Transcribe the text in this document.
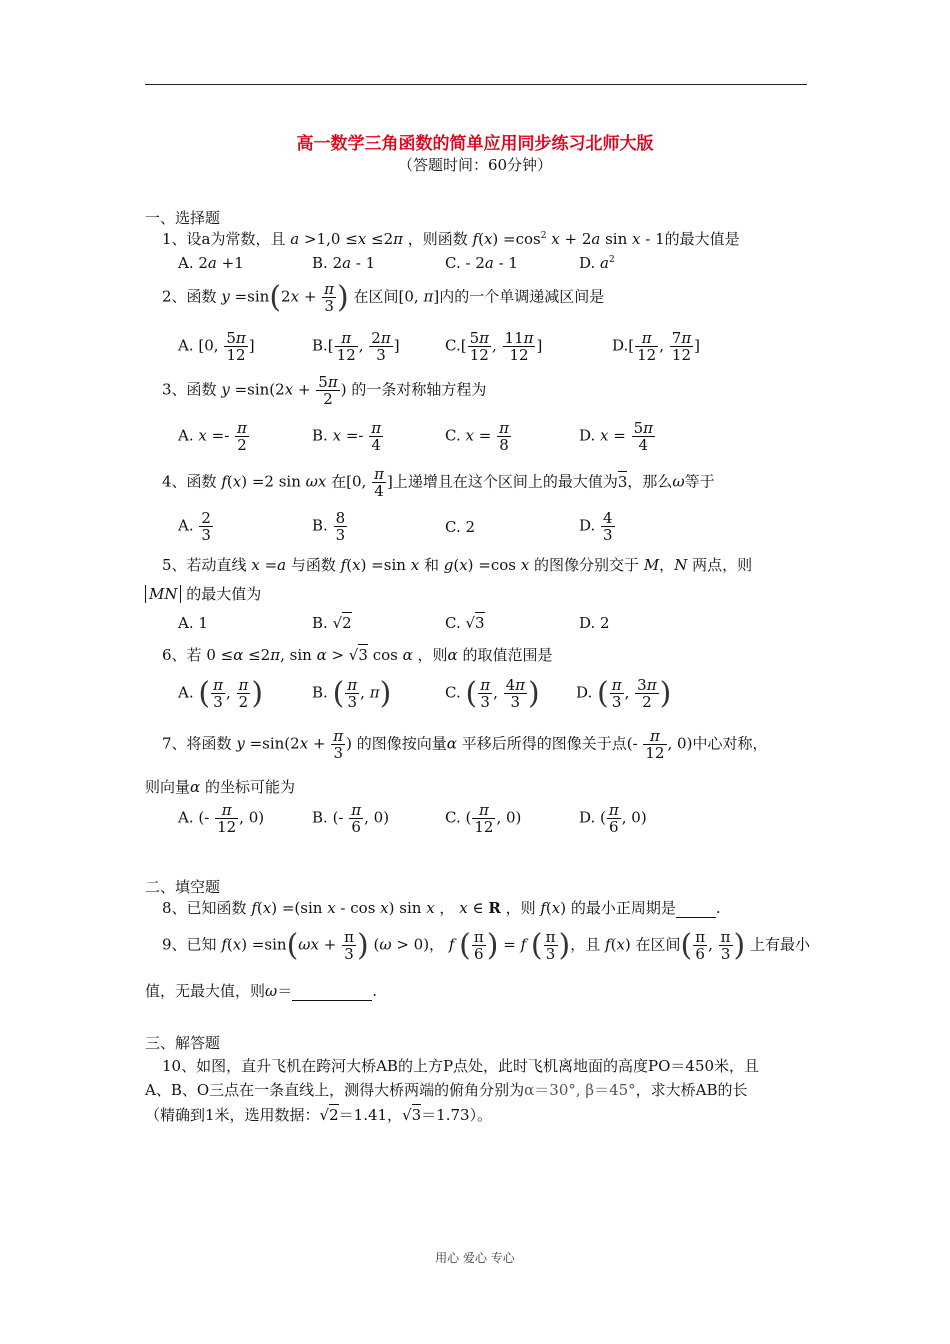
高一数学三角函数的简单应用同步练习北师大版
（答题时间：60分钟）
一、选择题
1、设a为常数，且 a >1,0 ≤x ≤2π ，则函数 $f(x) =\cos^2$ x + 2a sin x - 1的最大值是
A. 2a +1	B. 2a - 1	C. - 2a - 1	D. $a^2$
2、函数 $y =\sin(2x + \frac{\pi}{3}$ ) 在区间[0, π]内的一个单调递减区间是
A. [0, $\frac{5\pi}{12}$ ]	$B.[ \frac{\pi}{12}$ , $\frac{2\pi}{3}$ ]	$C.[ \frac{5\pi}{12}$ , $\frac{11\pi}{12}$ ]	$D.[ \frac{\pi}{12}$ , $\frac{7\pi}{12}$ ]
3、函数 $y =\sin(2x + \frac{5\pi}{2}$ ) 的一条对称轴方程为
A. $x =- \frac{\pi}{2}$	B. $x =- \frac{\pi}{4}$	C. $x = \frac{\pi}{8}$	D. $x = \frac{5\pi}{4}$
4、函数 f(x) =2 sin ωx 在[0, $\frac{\pi}{4}$ ]上递增且在这个区间上的最大值为3，那么ω等于
A. $\frac{2}{3}$	B. $\frac{8}{3}$	C. 2	D. $\frac{4}{3}$
5、若动直线 x =a 与函数 f(x) =sin x 和 g(x) =cos x 的图像分别交于 M，N 两点，则
MN 的最大值为
A. 1	B. √2	C. √3	D. 2
6、若 0 ≤α ≤2π, sin α > √3 cos α ，则α 的取值范围是
A. ( $\frac{\pi}{3}$ , $\frac{\pi}{2}$ )	B. ( $\frac{\pi}{3}$ , π)	C. ( $\frac{\pi}{3}$ , $\frac{4\pi}{3}$ ) D. ( $\frac{\pi}{3}$ , $\frac{3\pi}{2}$ )
7、将函数 $y =\sin(2x + \frac{\pi}{3}$ ) 的图像按向量α 平移后所得的图像关于点(- $\frac{\pi}{12}$ , 0)中心对称，
则向量α 的坐标可能为
A. (- $\frac{\pi}{12}$ , 0)	B. (- $\frac{\pi}{6}$ , 0)	C. ( $\frac{\pi}{12}$ , 0)	D. ( $\frac{\pi}{6}$ , 0)
二、填空题
8、已知函数 f(x) =(sin x - cos x) sin x ， x ∈ R ，则 f(x) 的最小正周期是	.
9、已知 $f(x) =\sin(\omega x + \frac{\pi}{3}$ ) (ω > 0)， f ( $\frac{\pi}{6}$ ) = f ( $\frac{\pi}{3}$ )，且 f(x) 在区间( $\frac{\pi}{6}$ , $\frac{\pi}{3}$ ) 上有最小
值，无最大值，则ω＝	.
三、解答题
10、如图，直升飞机在跨河大桥AB的上方P点处，此时飞机离地面的高度PO＝450米，且
A、B、O三点在一条直线上，测得大桥两端的俯角分别为α＝30°, β＝45°，求大桥AB的长
（精确到1米，选用数据：√2＝1.41，√3＝1.73）。
用心 爱心 专心
